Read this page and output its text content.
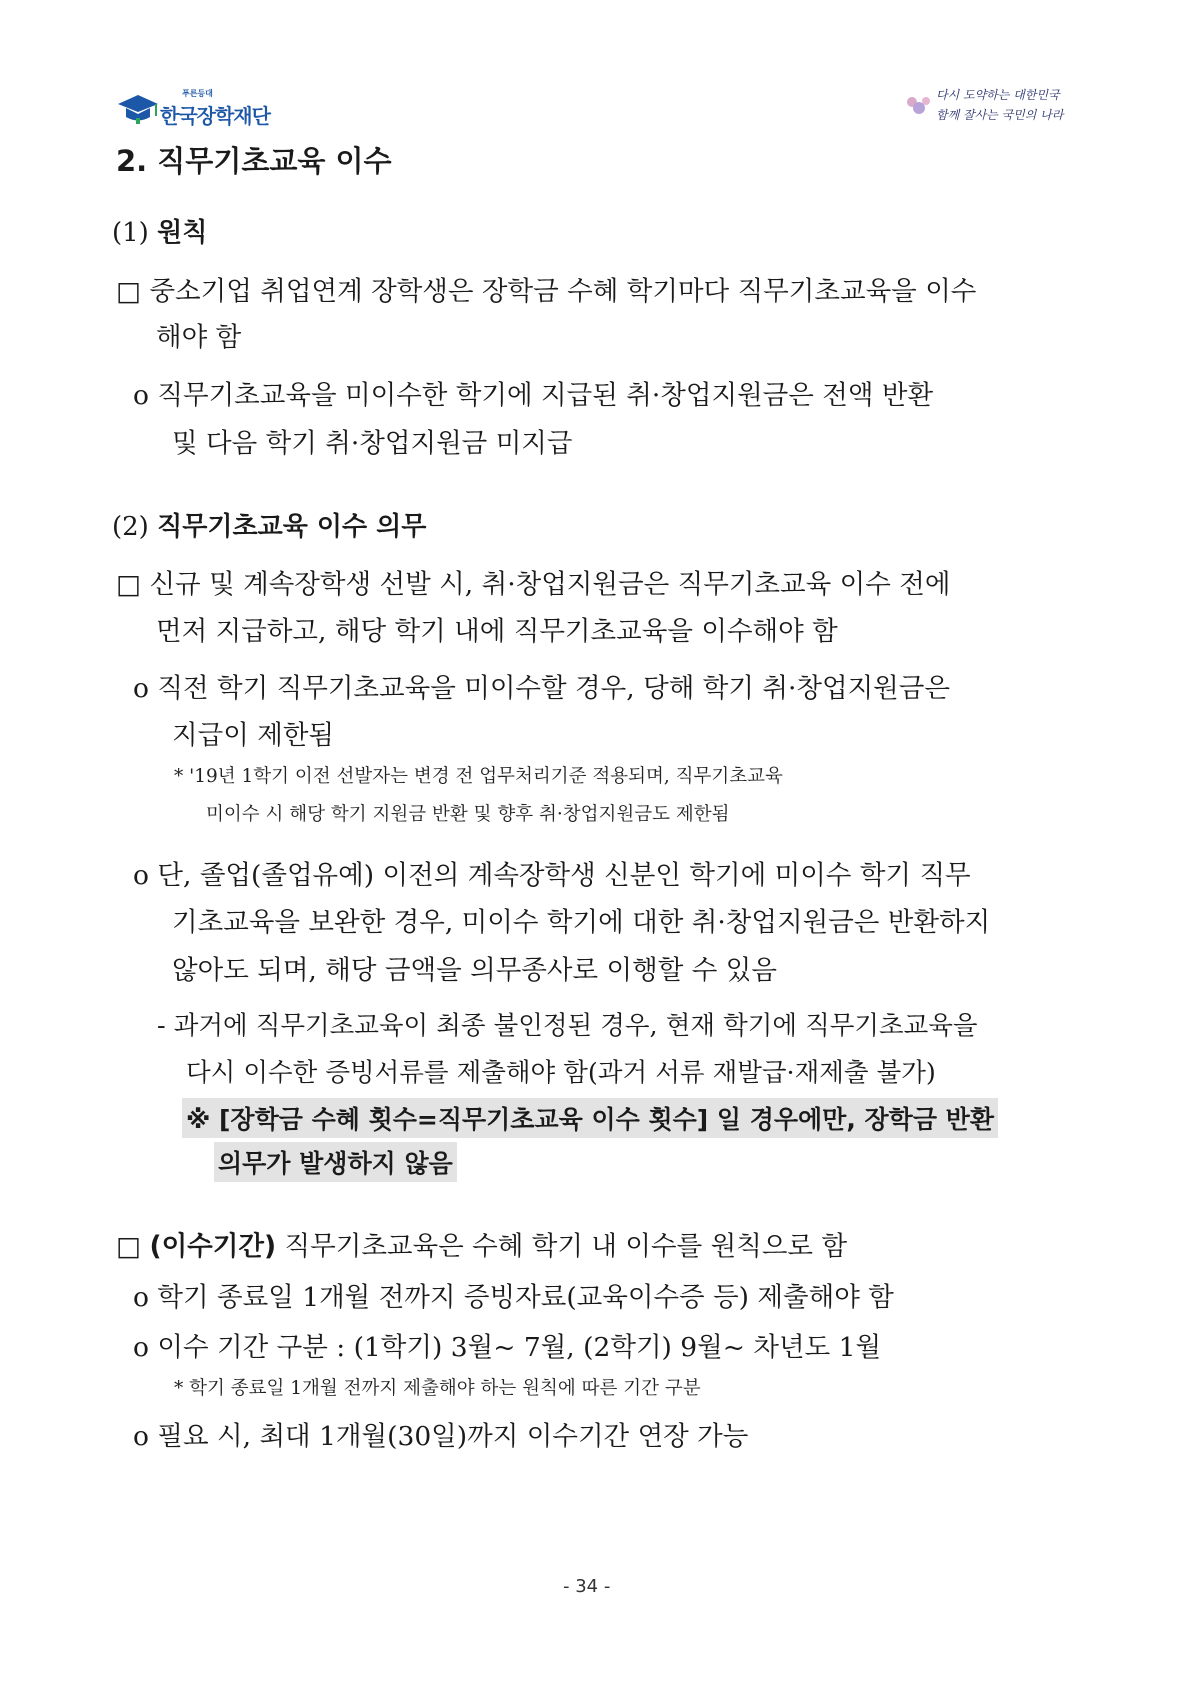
푸른등대
한국장학재단
다시 도약하는 대한민국
함께 잘사는 국민의 나라
2. 직무기초교육 이수
(1) 원칙
□ 중소기업 취업연계 장학생은 장학금 수혜 학기마다 직무기초교육을 이수
해야 함
o 직무기초교육을 미이수한 학기에 지급된 취·창업지원금은 전액 반환
및 다음 학기 취·창업지원금 미지급
(2) 직무기초교육 이수 의무
□ 신규 및 계속장학생 선발 시, 취·창업지원금은 직무기초교육 이수 전에
먼저 지급하고, 해당 학기 내에 직무기초교육을 이수해야 함
o 직전 학기 직무기초교육을 미이수할 경우, 당해 학기 취·창업지원금은
지급이 제한됨
* '19년 1학기 이전 선발자는 변경 전 업무처리기준 적용되며, 직무기초교육
미이수 시 해당 학기 지원금 반환 및 향후 취·창업지원금도 제한됨
o 단, 졸업(졸업유예) 이전의 계속장학생 신분인 학기에 미이수 학기 직무
기초교육을 보완한 경우, 미이수 학기에 대한 취·창업지원금은 반환하지
않아도 되며, 해당 금액을 의무종사로 이행할 수 있음
- 과거에 직무기초교육이 최종 불인정된 경우, 현재 학기에 직무기초교육을
다시 이수한 증빙서류를 제출해야 함(과거 서류 재발급·재제출 불가)
※ [장학금 수혜 횟수=직무기초교육 이수 횟수] 일 경우에만, 장학금 반환
의무가 발생하지 않음
□ (이수기간) 직무기초교육은 수혜 학기 내 이수를 원칙으로 함
o 학기 종료일 1개월 전까지 증빙자료(교육이수증 등) 제출해야 함
o 이수 기간 구분 : (1학기) 3월~ 7월, (2학기) 9월~ 차년도 1월
* 학기 종료일 1개월 전까지 제출해야 하는 원칙에 따른 기간 구분
o 필요 시, 최대 1개월(30일)까지 이수기간 연장 가능
- 34 -
